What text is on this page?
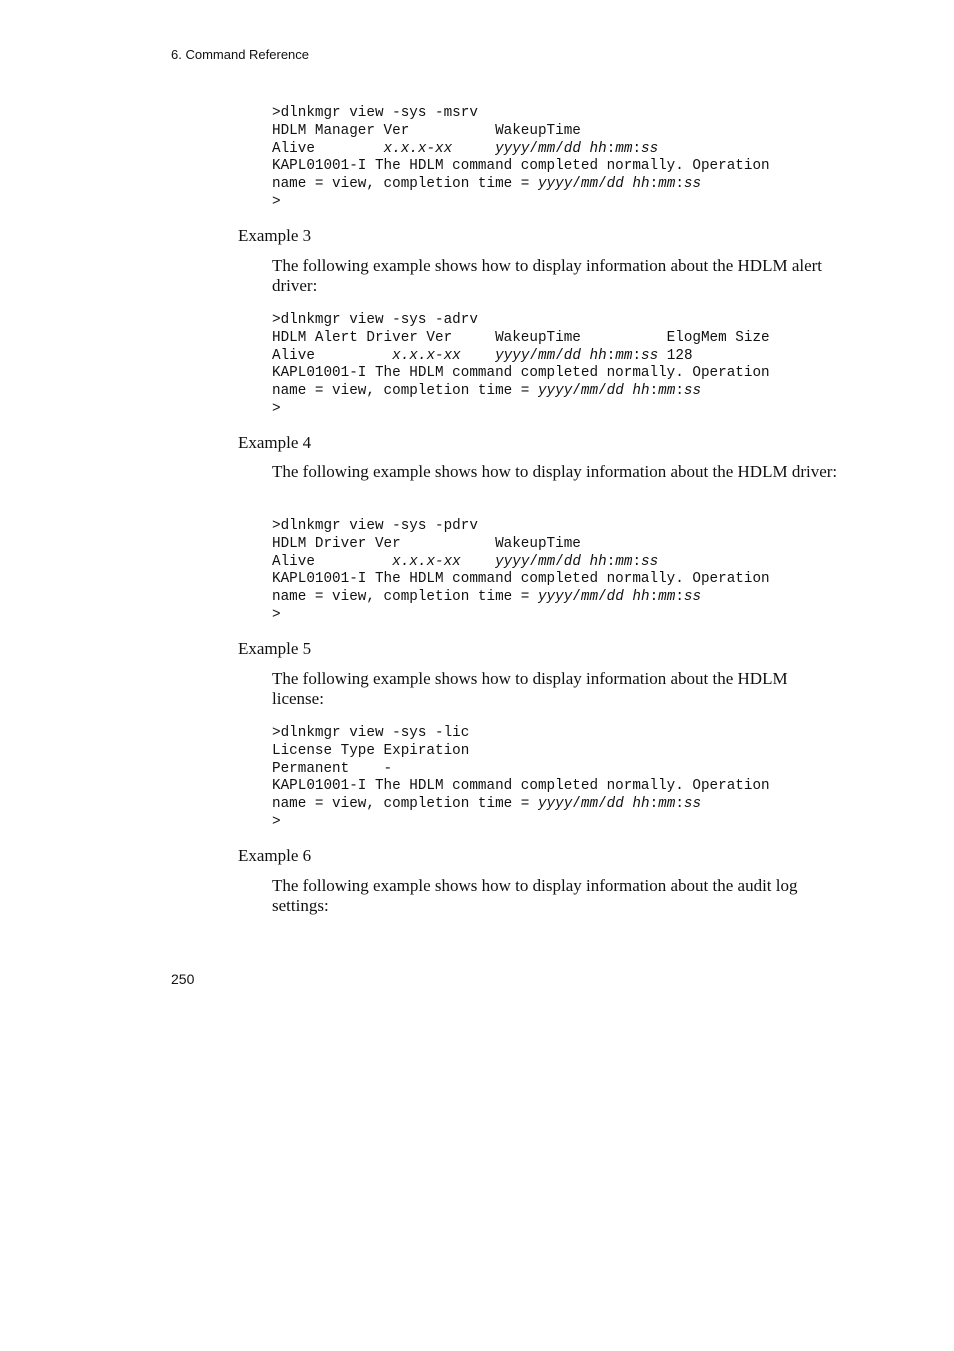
6. Command Reference
>dlnkmgr view -sys -msrv
HDLM Manager Ver          WakeupTime
Alive        x.x.x-xx	yyyy/mm/dd hh:mm:ss
KAPL01001-I The HDLM command completed normally. Operation
name = view, completion time = yyyy/mm/dd hh:mm:ss
>
Example 3
The following example shows how to display information about the HDLM alert driver:
>dlnkmgr view -sys -adrv
HDLM Alert Driver Ver     WakeupTime          ElogMem Size
Alive         x.x.x-xx yyyy/mm/dd hh:mm:ss 128
KAPL01001-I The HDLM command completed normally. Operation
name = view, completion time = yyyy/mm/dd hh:mm:ss
>
Example 4
The following example shows how to display information about the HDLM driver:
>dlnkmgr view -sys -pdrv
HDLM Driver Ver           WakeupTime
Alive         x.x.x-xx yyyy/mm/dd hh:mm:ss
KAPL01001-I The HDLM command completed normally. Operation
name = view, completion time = yyyy/mm/dd hh:mm:ss
>
Example 5
The following example shows how to display information about the HDLM license:
>dlnkmgr view -sys -lic
License Type Expiration
Permanent    -
KAPL01001-I The HDLM command completed normally. Operation
name = view, completion time = yyyy/mm/dd hh:mm:ss
>
Example 6
The following example shows how to display information about the audit log settings:
250
